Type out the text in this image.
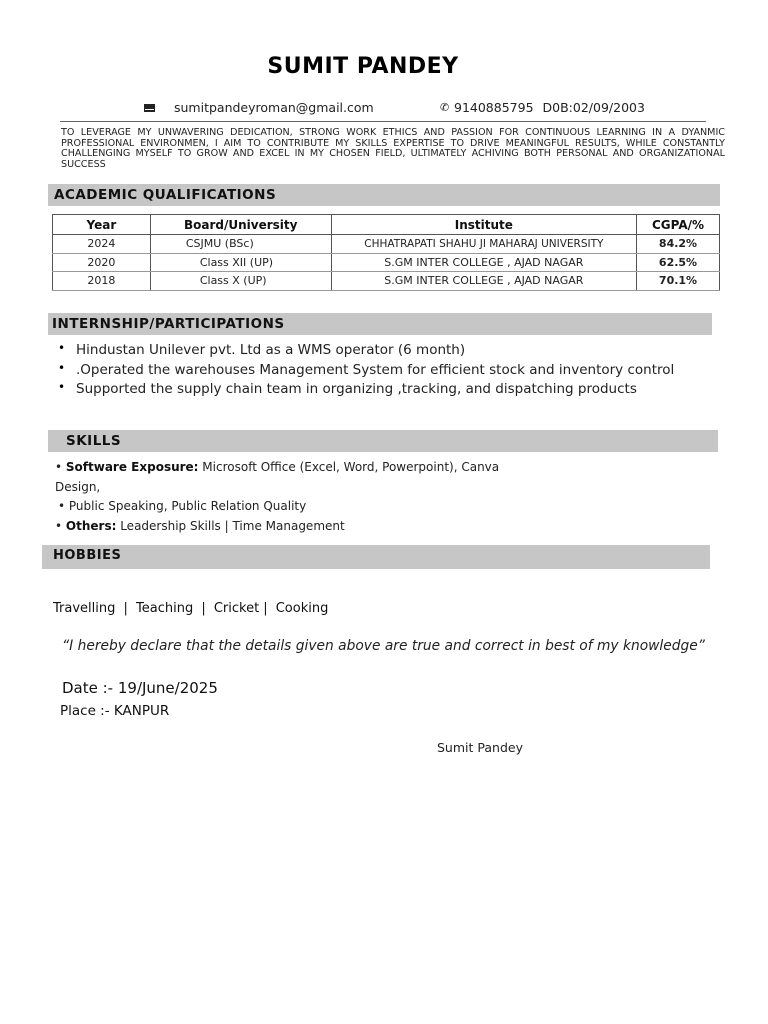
SUMIT PANDEY
sumitpandeyroman@gmail.com	✆ 9140885795 D0B:02/09/2003
TO LEVERAGE MY UNWAVERING DEDICATION, STRONG WORK ETHICS AND PASSION FOR CONTINUOUS LEARNING IN A DYANMIC PROFESSIONAL ENVIRONMEN, I AIM TO CONTRIBUTE MY SKILLS EXPERTISE TO DRIVE MEANINGFUL RESULTS, WHILE CONSTANTLY CHALLENGING MYSELF TO GROW AND EXCEL IN MY CHOSEN FIELD, ULTIMATELY ACHIVING BOTH PERSONAL AND ORGANIZATIONAL SUCCESS
ACADEMIC QUALIFICATIONS
Year	Board/University	Institute	CGPA/%
2024	CSJMU (BSc)	CHHATRAPATI SHAHU JI MAHARAJ UNIVERSITY	84.2%
2020	Class XII (UP)	S.GM INTER COLLEGE , AJAD NAGAR	62.5%
2018	Class X (UP)	S.GM INTER COLLEGE , AJAD NAGAR	70.1%
INTERNSHIP/PARTICIPATIONS
• Hindustan Unilever pvt. Ltd as a WMS operator (6 month)
• .Operated the warehouses Management System for efficient stock and inventory control
• Supported the supply chain team in organizing ,tracking, and dispatching products
SKILLS
• Software Exposure: Microsoft Office (Excel, Word, Powerpoint), Canva
Design,
• Public Speaking, Public Relation Quality
• Others: Leadership Skills | Time Management
HOBBIES
Travelling | Teaching | Cricket | Cooking
“I hereby declare that the details given above are true and correct in best of my knowledge”
Date :- 19/June/2025
Place :- KANPUR
Sumit Pandey
